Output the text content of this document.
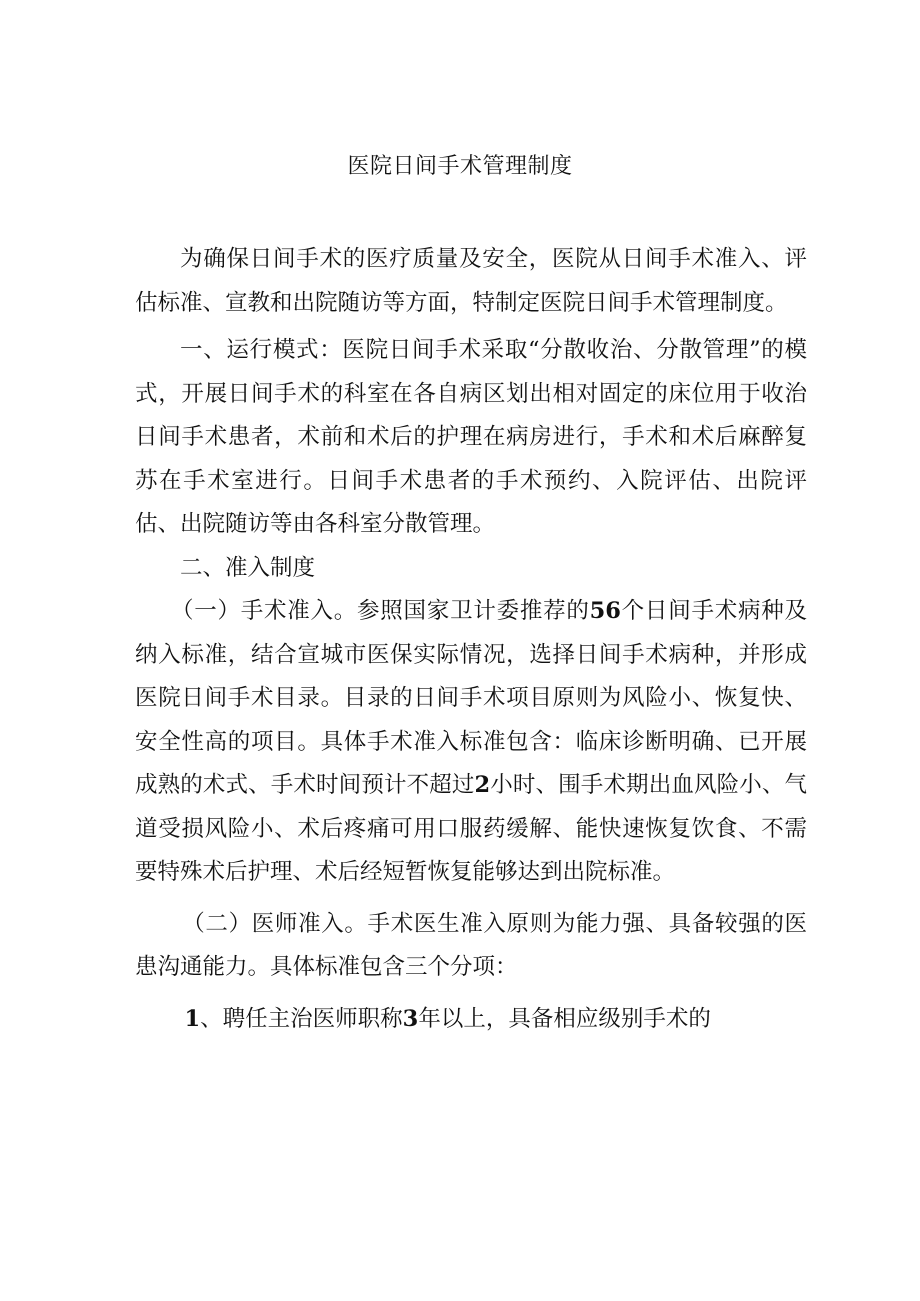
医院日间手术管理制度

为确保日间手术的医疗质量及安全，医院从日间手术准入、评估标准、宣教和出院随访等方面，特制定医院日间手术管理制度。

一、运行模式：医院日间手术采取“分散收治、分散管理”的模式，开展日间手术的科室在各自病区划出相对固定的床位用于收治日间手术患者，术前和术后的护理在病房进行，手术和术后麻醉复苏在手术室进行。日间手术患者的手术预约、入院评估、出院评估、出院随访等由各科室分散管理。

二、准入制度

（一）手术准入。参照国家卫计委推荐的56个日间手术病种及纳入标准，结合宣城市医保实际情况，选择日间手术病种，并形成医院日间手术目录。目录的日间手术项目原则为风险小、恢复快、安全性高的项目。具体手术准入标准包含：临床诊断明确、已开展成熟的术式、手术时间预计不超过2小时、围手术期出血风险小、气道受损风险小、术后疼痛可用口服药缓解、能快速恢复饮食、不需要特殊术后护理、术后经短暂恢复能够达到出院标准。

（二）医师准入。手术医生准入原则为能力强、具备较强的医患沟通能力。具体标准包含三个分项：

1、聘任主治医师职称3年以上，具备相应级别手术的
